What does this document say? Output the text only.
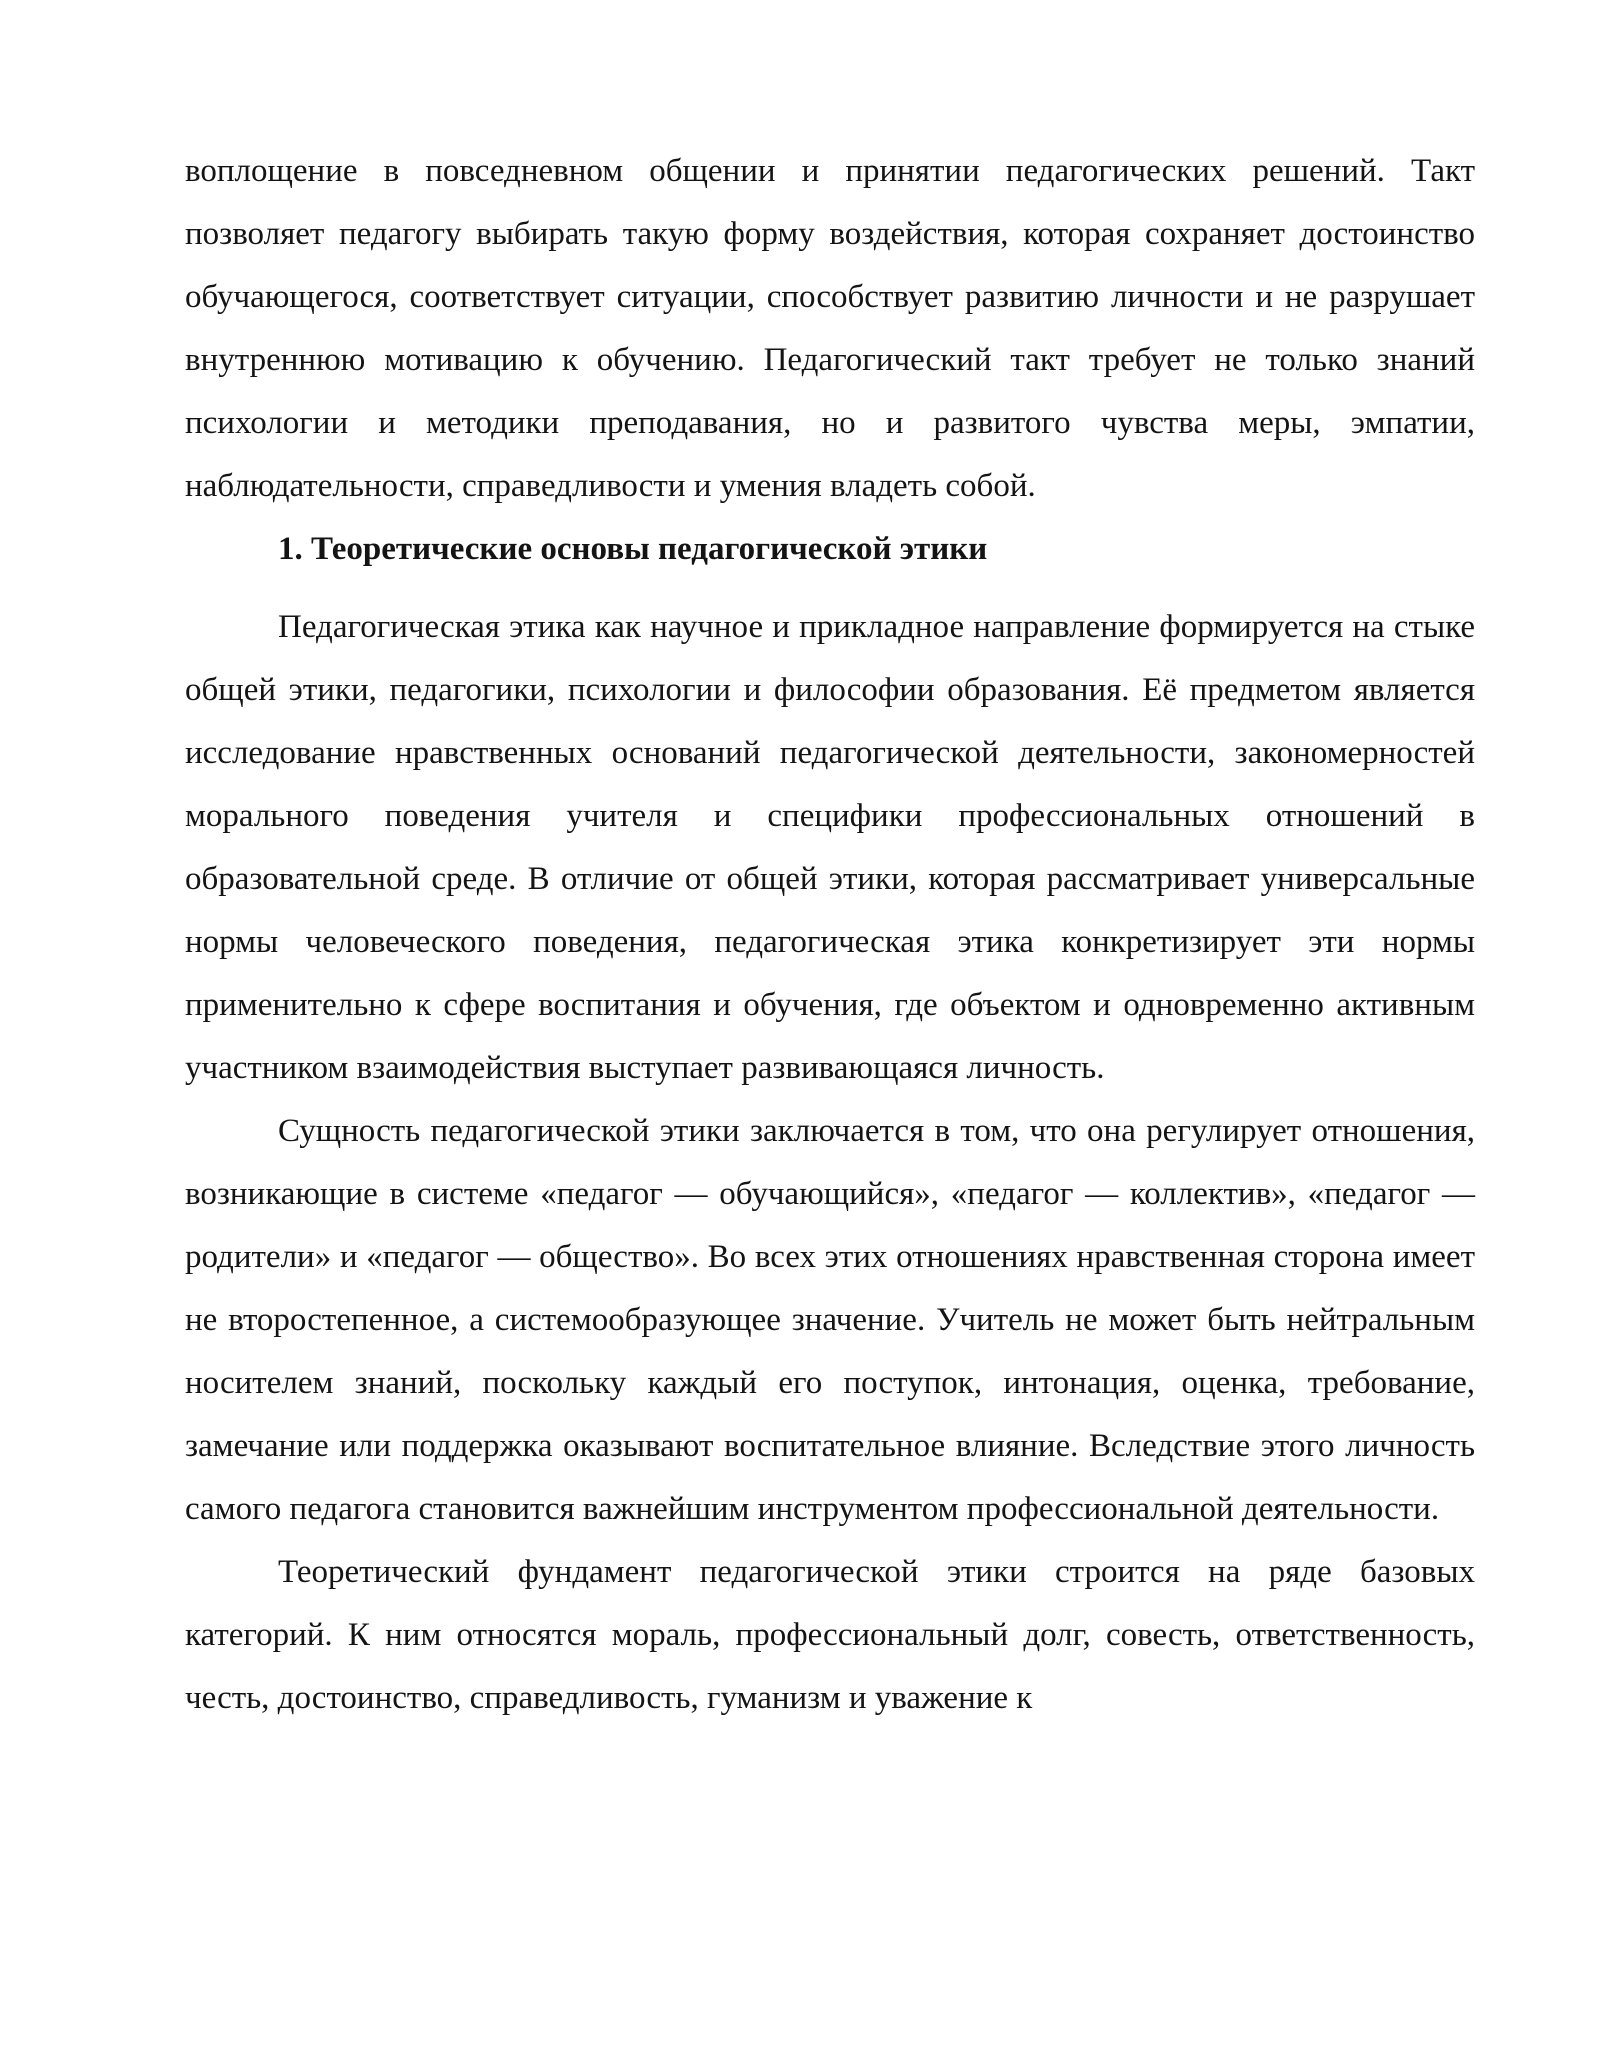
воплощение в повседневном общении и принятии педагогических решений. Такт позволяет педагогу выбирать такую форму воздействия, которая сохраняет достоинство обучающегося, соответствует ситуации, способствует развитию личности и не разрушает внутреннюю мотивацию к обучению. Педагогический такт требует не только знаний психологии и методики преподавания, но и развитого чувства меры, эмпатии, наблюдательности, справедливости и умения владеть собой.

1. Теоретические основы педагогической этики

Педагогическая этика как научное и прикладное направление формируется на стыке общей этики, педагогики, психологии и философии образования. Её предметом является исследование нравственных оснований педагогической деятельности, закономерностей морального поведения учителя и специфики профессиональных отношений в образовательной среде. В отличие от общей этики, которая рассматривает универсальные нормы человеческого поведения, педагогическая этика конкретизирует эти нормы применительно к сфере воспитания и обучения, где объектом и одновременно активным участником взаимодействия выступает развивающаяся личность.

Сущность педагогической этики заключается в том, что она регулирует отношения, возникающие в системе «педагог — обучающийся», «педагог — коллектив», «педагог — родители» и «педагог — общество». Во всех этих отношениях нравственная сторона имеет не второстепенное, а системообразующее значение. Учитель не может быть нейтральным носителем знаний, поскольку каждый его поступок, интонация, оценка, требование, замечание или поддержка оказывают воспитательное влияние. Вследствие этого личность самого педагога становится важнейшим инструментом профессиональной деятельности.

Теоретический фундамент педагогической этики строится на ряде базовых категорий. К ним относятся мораль, профессиональный долг, совесть, ответственность, честь, достоинство, справедливость, гуманизм и уважение к
